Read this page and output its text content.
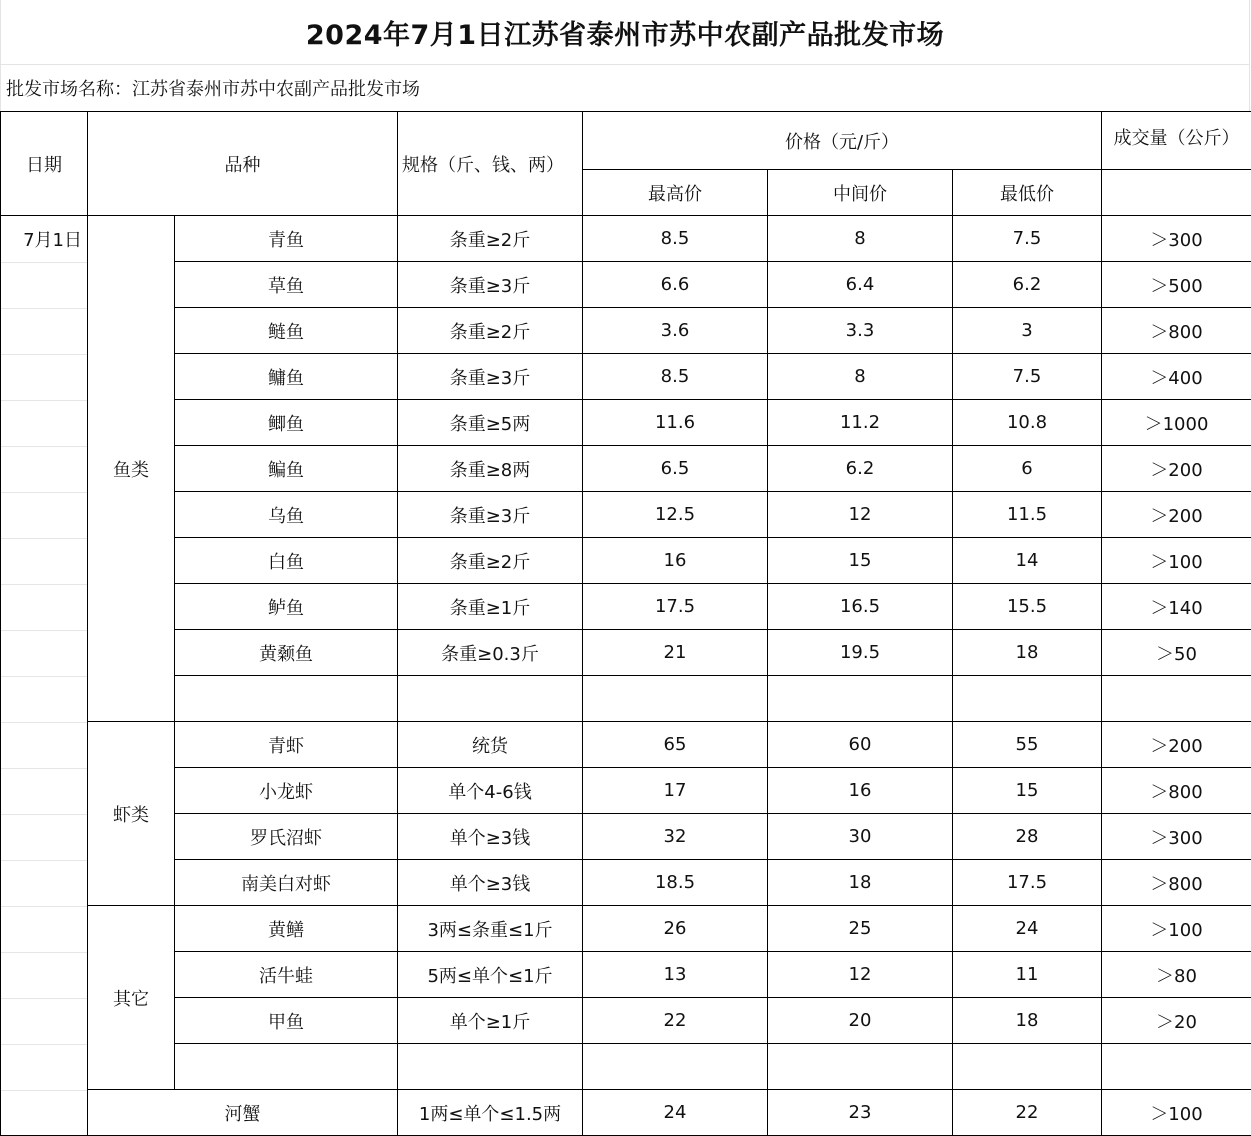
2024年7月1日江苏省泰州市苏中农副产品批发市场
批发市场名称：江苏省泰州市苏中农副产品批发市场
日期	品种		规格（斤、钱、两）	价格（元/斤）			成交量（公斤）
				最高价	中间价	最低价	
7月1日	鱼类	青鱼	条重≥2斤	8.5	8	7.5	＞300
		草鱼	条重≥3斤	6.6	6.4	6.2	＞500
		鲢鱼	条重≥2斤	3.6	3.3	3	＞800
		鳙鱼	条重≥3斤	8.5	8	7.5	＞400
		鲫鱼	条重≥5两	11.6	11.2	10.8	＞1000
		鳊鱼	条重≥8两	6.5	6.2	6	＞200
		乌鱼	条重≥3斤	12.5	12	11.5	＞200
		白鱼	条重≥2斤	16	15	14	＞100
		鲈鱼	条重≥1斤	17.5	16.5	15.5	＞140
		黄颡鱼	条重≥0.3斤	21	19.5	18	＞50

	虾类	青虾	统货	65	60	55	＞200
		小龙虾	单个4-6钱	17	16	15	＞800
		罗氏沼虾	单个≥3钱	32	30	28	＞300
		南美白对虾	单个≥3钱	18.5	18	17.5	＞800
	其它	黄鳝	3两≤条重≤1斤	26	25	24	＞100
		活牛蛙	5两≤单个≤1斤	13	12	11	＞80
		甲鱼	单个≥1斤	22	20	18	＞20

	河蟹		1两≤单个≤1.5两	24	23	22	＞100
